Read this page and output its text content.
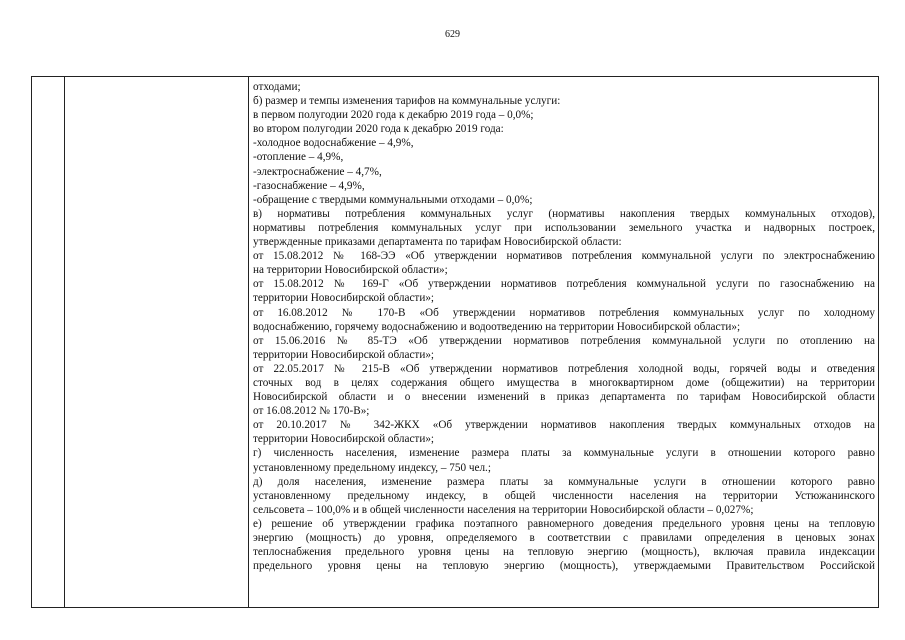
629
отходами;
б) размер и темпы изменения тарифов на коммунальные услуги:
в первом полугодии 2020 года к декабрю 2019 года – 0,0%;
во втором полугодии 2020 года к декабрю 2019 года:
-холодное водоснабжение – 4,9%,
-отопление – 4,9%,
-электроснабжение – 4,7%,
-газоснабжение – 4,9%,
-обращение с твердыми коммунальными отходами – 0,0%;
в) нормативы потребления коммунальных услуг (нормативы накопления твердых коммунальных отходов),
нормативы потребления коммунальных услуг при использовании земельного участка и надворных построек,
утвержденные приказами департамента по тарифам Новосибирской области:
от 15.08.2012 № 168-ЭЭ «Об утверждении нормативов потребления коммунальной услуги по электроснабжению
на территории Новосибирской области»;
от 15.08.2012 № 169-Г «Об утверждении нормативов потребления коммунальной услуги по газоснабжению на
территории Новосибирской области»;
от 16.08.2012 № 170-В «Об утверждении нормативов потребления коммунальных услуг по холодному
водоснабжению, горячему водоснабжению и водоотведению на территории Новосибирской области»;
от 15.06.2016 № 85-ТЭ «Об утверждении нормативов потребления коммунальной услуги по отоплению на
территории Новосибирской области»;
от 22.05.2017 № 215-В «Об утверждении нормативов потребления холодной воды, горячей воды и отведения
сточных вод в целях содержания общего имущества в многоквартирном доме (общежитии) на территории
Новосибирской области и о внесении изменений в приказ департамента по тарифам Новосибирской области
от 16.08.2012 № 170-В»;
от 20.10.2017 № 342-ЖКХ «Об утверждении нормативов накопления твердых коммунальных отходов на
территории Новосибирской области»;
г) численность населения, изменение размера платы за коммунальные услуги в отношении которого равно
установленному предельному индексу, – 750 чел.;
д) доля населения, изменение размера платы за коммунальные услуги в отношении которого равно
установленному предельному индексу, в общей численности населения на территории Устюжанинского
сельсовета – 100,0% и в общей численности населения на территории Новосибирской области – 0,027%;
е) решение об утверждении графика поэтапного равномерного доведения предельного уровня цены на тепловую
энергию (мощность) до уровня, определяемого в соответствии с правилами определения в ценовых зонах
теплоснабжения предельного уровня цены на тепловую энергию (мощность), включая правила индексации
предельного уровня цены на тепловую энергию (мощность), утверждаемыми Правительством Российской
